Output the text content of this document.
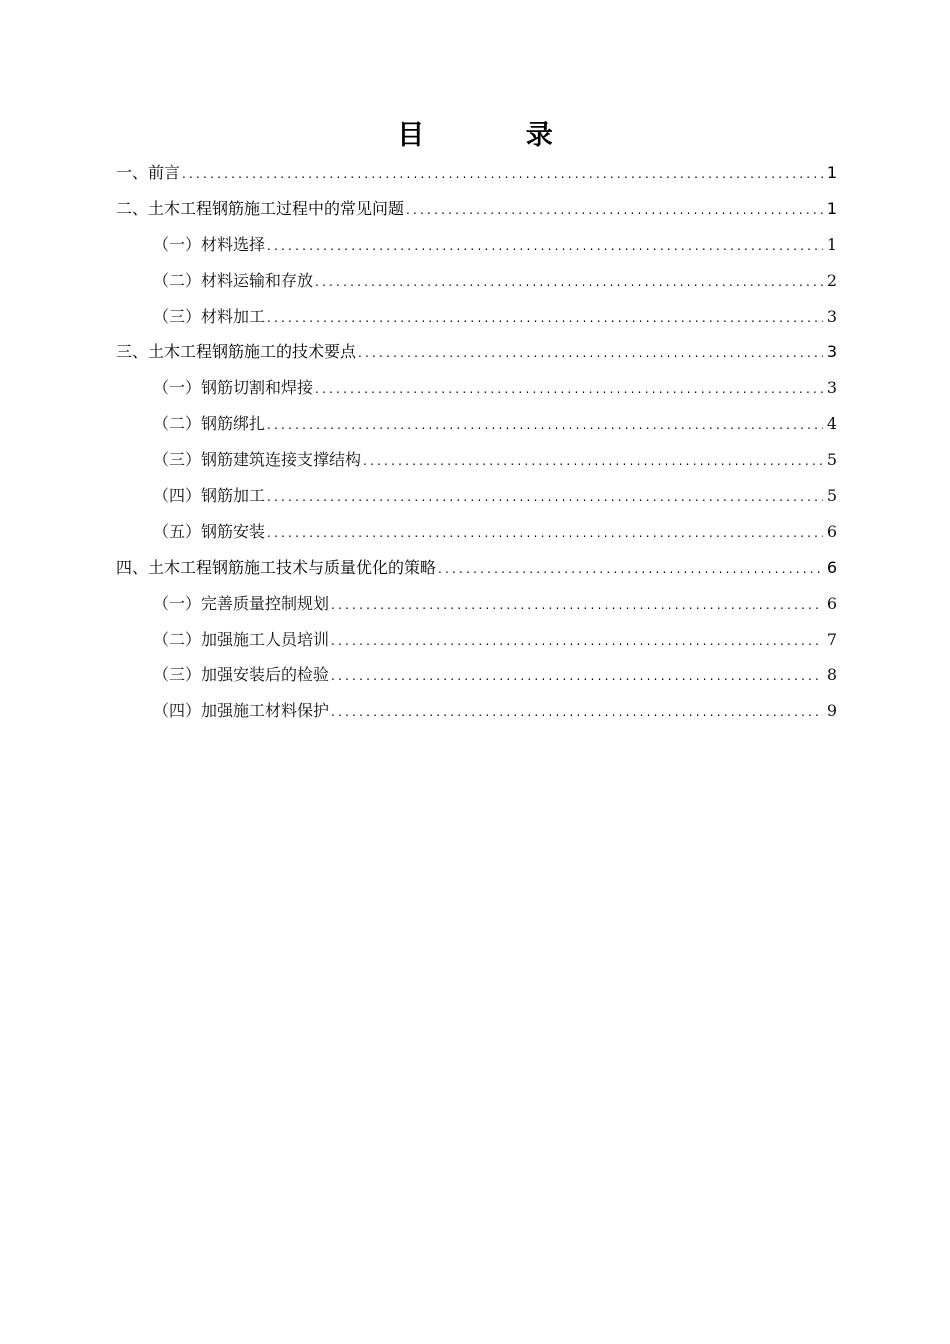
目 录
一、前言 .....	1
二、土木工程钢筋施工过程中的常见问题 .....	1
（一）材料选择 .....	1
（二）材料运输和存放 .....	2
（三）材料加工 .....	3
三、土木工程钢筋施工的技术要点 .....	3
（一）钢筋切割和焊接 .....	3
（二）钢筋绑扎 .....	4
（三）钢筋建筑连接支撑结构 .....	5
（四）钢筋加工 .....	5
（五）钢筋安装 .....	6
四、土木工程钢筋施工技术与质量优化的策略 .....	6
（一）完善质量控制规划 .....	6
（二）加强施工人员培训 .....	7
（三）加强安装后的检验 .....	8
（四）加强施工材料保护 .....	9
